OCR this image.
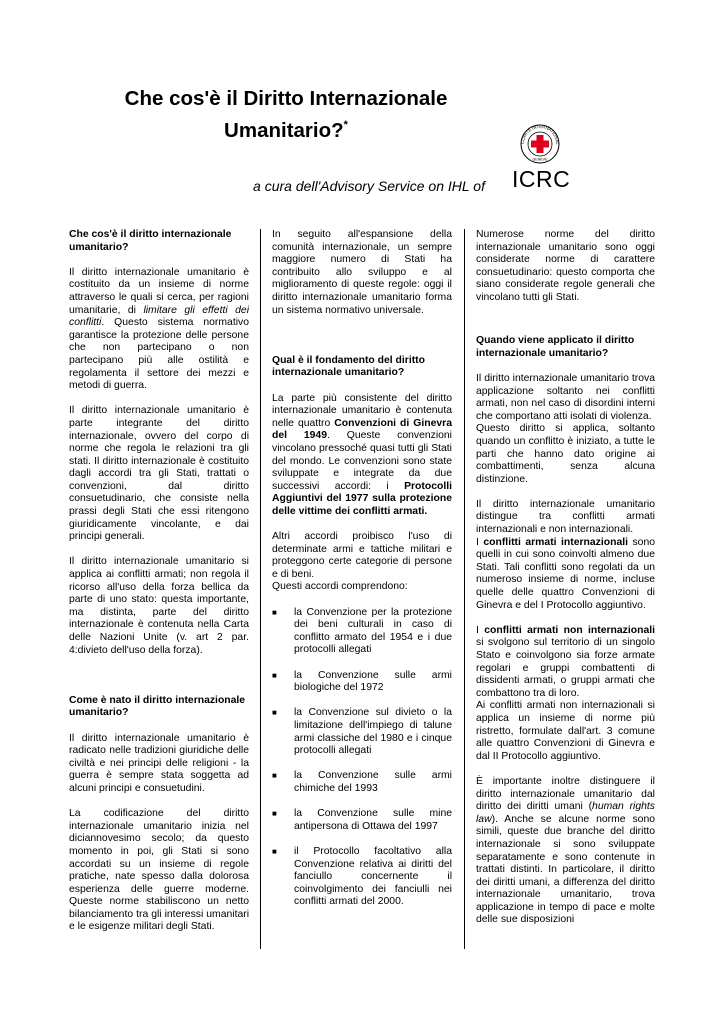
Che cos'è il Diritto Internazionale
Umanitario?*

a cura dell'Advisory Service on IHL of

COMITÉ INTERNATIONAL
GENÈVE

ICRC

Che cos'è il diritto internazionale umanitario?

Il diritto internazionale umanitario è costituito da un insieme di norme attraverso le quali si cerca, per ragioni umanitarie, di limitare gli effetti dei conflitti. Questo sistema normativo garantisce la protezione delle persone che non partecipano o non partecipano più alle ostilità e regolamenta il settore dei mezzi e metodi di guerra.

Il diritto internazionale umanitario è parte integrante del diritto internazionale, ovvero del corpo di norme che regola le relazioni tra gli stati. Il diritto internazionale è costituito dagli accordi tra gli Stati, trattati o convenzioni, dal diritto consuetudinario, che consiste nella prassi degli Stati che essi ritengono giuridicamente vincolante, e dai principi generali.

Il diritto internazionale umanitario si applica ai conflitti armati; non regola il ricorso all'uso della forza bellica da parte di uno stato: questa importante, ma distinta, parte del diritto internazionale è contenuta nella Carta delle Nazioni Unite (v. art 2 par. 4:divieto dell'uso della forza).

Come è nato il diritto internazionale umanitario?

Il diritto internazionale umanitario è radicato nelle tradizioni giuridiche delle civiltà e nei principi delle religioni - la guerra è sempre stata soggetta ad alcuni principi e consuetudini.

La codificazione del diritto internazionale umanitario inizia nel diciannovesimo secolo; da questo momento in poi, gli Stati si sono accordati su un insieme di regole pratiche, nate spesso dalla dolorosa esperienza delle guerre moderne. Queste norme stabiliscono un netto bilanciamento tra gli interessi umanitari e le esigenze militari degli Stati.

In seguito all'espansione della comunità internazionale, un sempre maggiore numero di Stati ha contribuito allo sviluppo e al miglioramento di queste regole: oggi il diritto internazionale umanitario forma un sistema normativo universale.

Qual è il fondamento del diritto internazionale umanitario?

La parte più consistente del diritto internazionale umanitario è contenuta nelle quattro Convenzioni di Ginevra del 1949. Queste convenzioni vincolano pressoché quasi tutti gli Stati del mondo. Le convenzioni sono state sviluppate e integrate da due successivi accordi: i Protocolli Aggiuntivi del 1977 sulla protezione delle vittime dei conflitti armati.

Altri accordi proibisco l'uso di determinate armi e tattiche militari e proteggono certe categorie di persone e di beni.

Questi accordi comprendono:

■ la Convenzione per la protezione dei beni culturali in caso di conflitto armato del 1954 e i due protocolli allegati
■ la Convenzione sulle armi biologiche del 1972
■ la Convenzione sul divieto o la limitazione dell'impiego di talune armi classiche del 1980 e i cinque protocolli allegati
■ la Convenzione sulle armi chimiche del 1993
■ la Convenzione sulle mine antipersona di Ottawa del 1997
■ il Protocollo facoltativo alla Convenzione relativa ai diritti del fanciullo concernente il coinvolgimento dei fanciulli nei conflitti armati del 2000.

Numerose norme del diritto internazionale umanitario sono oggi considerate norme di carattere consuetudinario: questo comporta che siano considerate regole generali che vincolano tutti gli Stati.

Quando viene applicato il diritto internazionale umanitario?

Il diritto internazionale umanitario trova applicazione soltanto nei conflitti armati, non nel caso di disordini interni che comportano atti isolati di violenza.

Questo diritto si applica, soltanto quando un conflitto è iniziato, a tutte le parti che hanno dato origine ai combattimenti, senza alcuna distinzione.

Il diritto internazionale umanitario distingue tra conflitti armati internazionali e non internazionali.

I conflitti armati internazionali sono quelli in cui sono coinvolti almeno due Stati. Tali conflitti sono regolati da un numeroso insieme di norme, incluse quelle delle quattro Convenzioni di Ginevra e del I Protocollo aggiuntivo.

I conflitti armati non internazionali si svolgono sul territorio di un singolo Stato e coinvolgono sia forze armate regolari e gruppi combattenti di dissidenti armati, o gruppi armati che combattono tra di loro.

Ai conflitti armati non internazionali si applica un insieme di norme più ristretto, formulate dall'art. 3 comune alle quattro Convenzioni di Ginevra e dal II Protocollo aggiuntivo.

È importante inoltre distinguere il diritto internazionale umanitario dal diritto dei diritti umani (human rights law). Anche se alcune norme sono simili, queste due branche del diritto internazionale si sono sviluppate separatamente e sono contenute in trattati distinti. In particolare, il diritto dei diritti umani, a differenza del diritto internazionale umanitario, trova applicazione in tempo di pace e molte delle sue disposizioni
